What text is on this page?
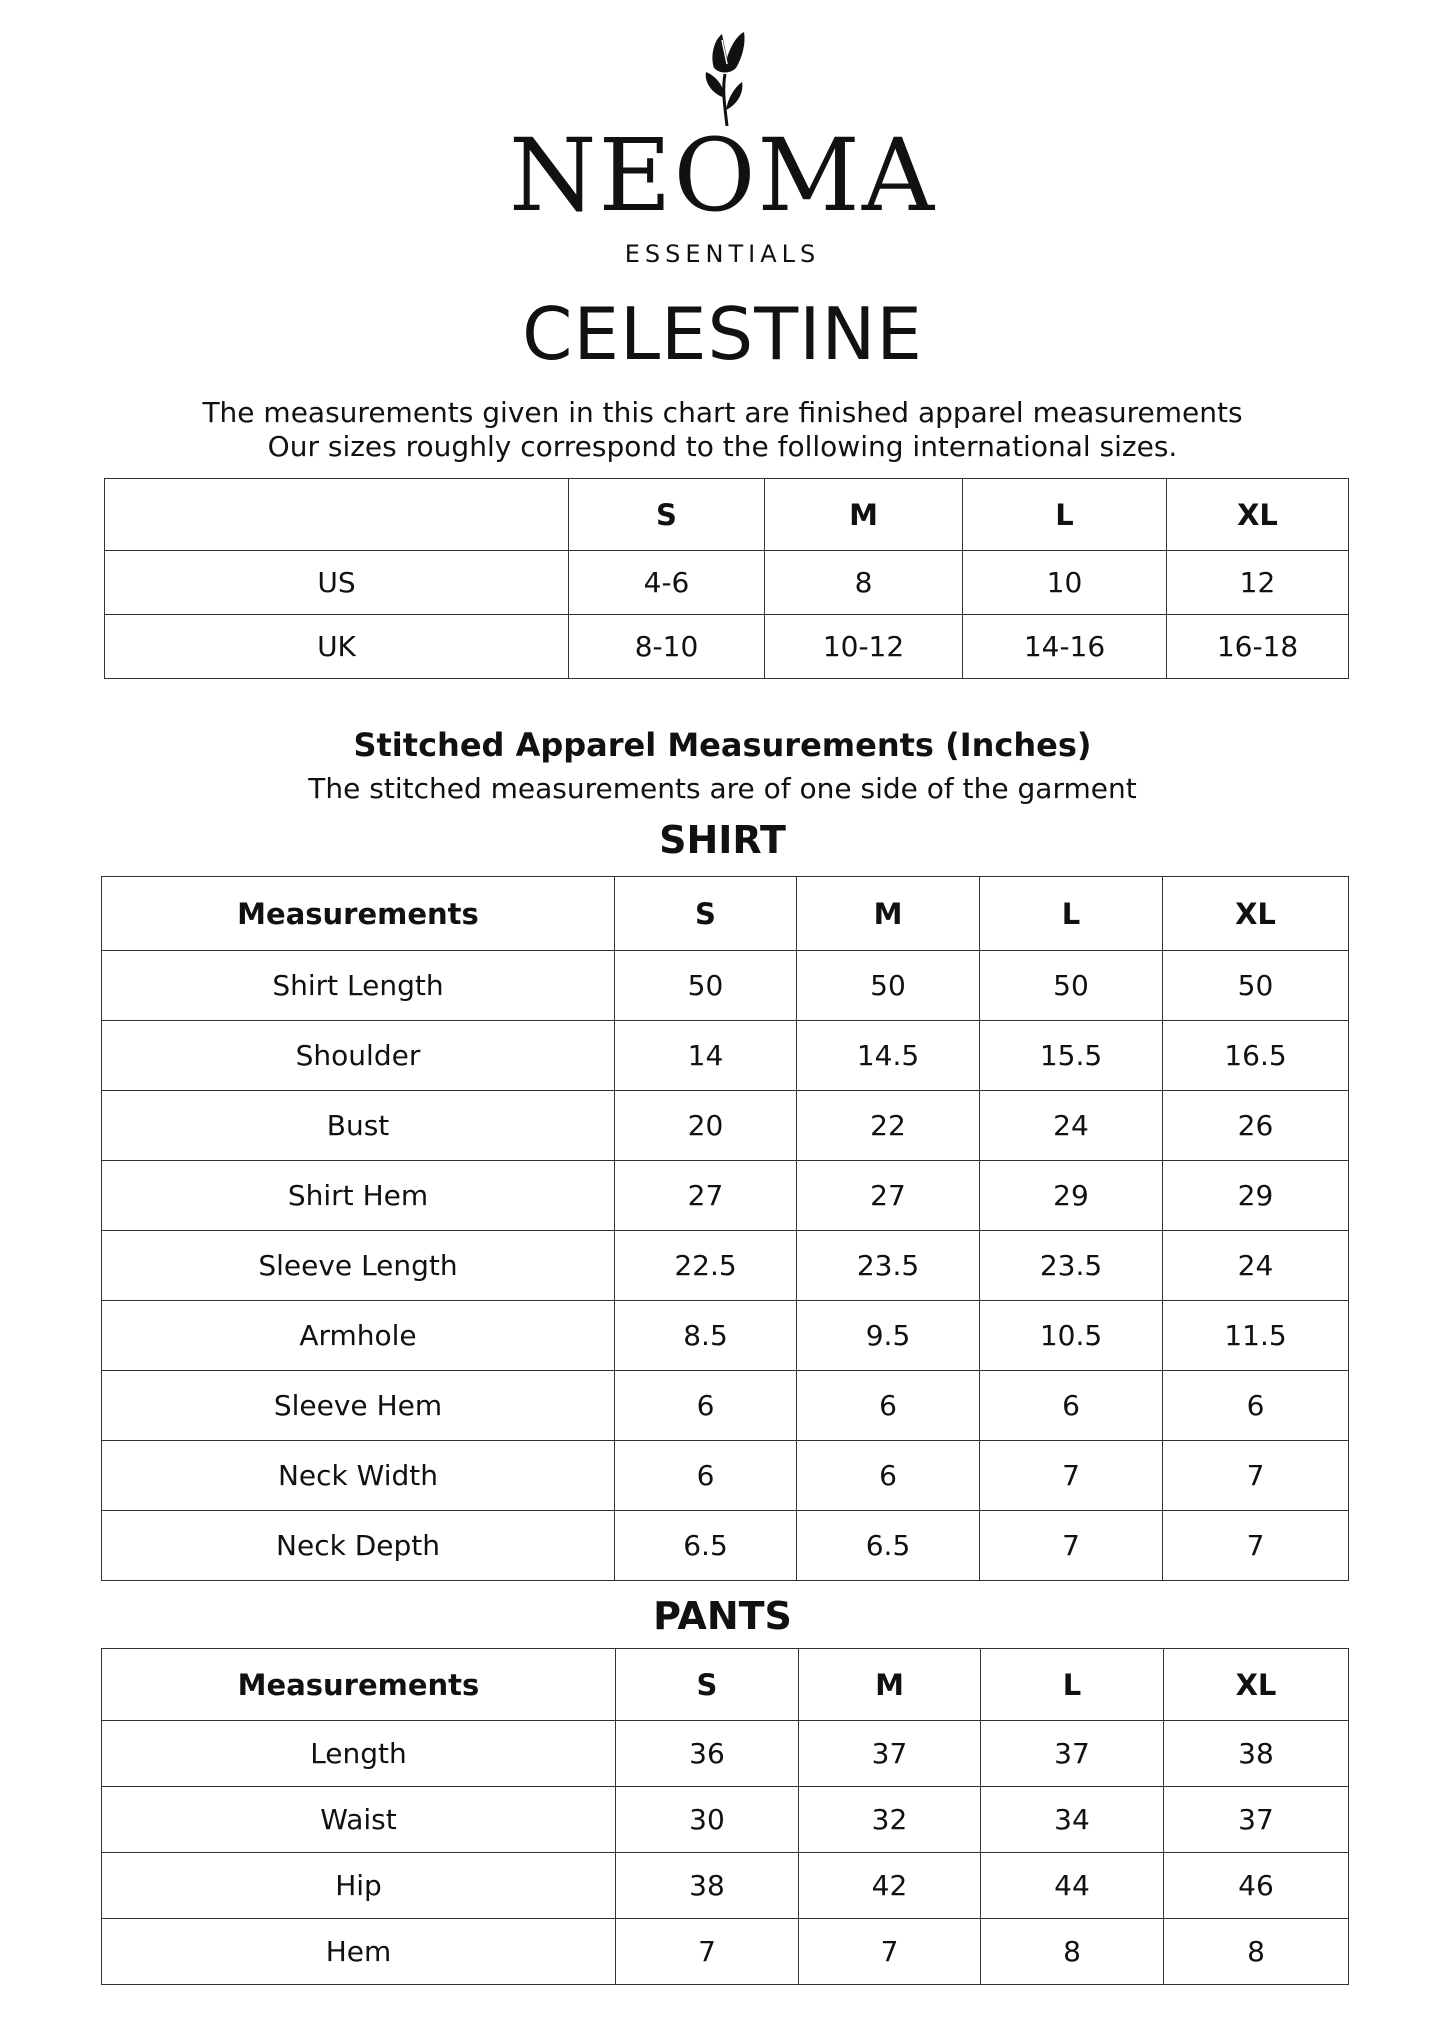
NEOMA
ESSENTIALS
CELESTINE
The measurements given in this chart are finished apparel measurements
Our sizes roughly correspond to the following international sizes.
	S	M	L	XL
US	4-6	8	10	12
UK	8-10	10-12	14-16	16-18
Stitched Apparel Measurements (Inches)
The stitched measurements are of one side of the garment
SHIRT
Measurements	S	M	L	XL
Shirt Length	50	50	50	50
Shoulder	14	14.5	15.5	16.5
Bust	20	22	24	26
Shirt Hem	27	27	29	29
Sleeve Length	22.5	23.5	23.5	24
Armhole	8.5	9.5	10.5	11.5
Sleeve Hem	6	6	6	6
Neck Width	6	6	7	7
Neck Depth	6.5	6.5	7	7
PANTS
Measurements	S	M	L	XL
Length	36	37	37	38
Waist	30	32	34	37
Hip	38	42	44	46
Hem	7	7	8	8
